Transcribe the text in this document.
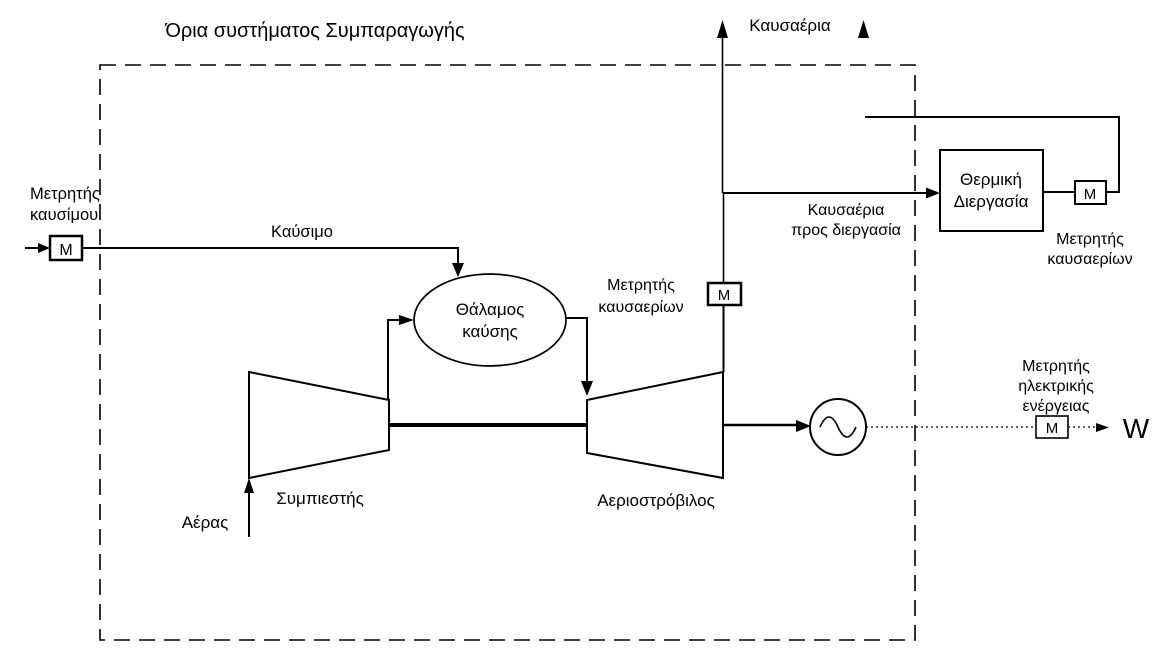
Όρια συστήματος Συμπαραγωγής
Μετρητής
καυσίμου
M
Καύσιμο
Συμπιεστής
Αέρας
Θάλαμος
καύσης
Αεριοστρόβιλος
M W
Μετρητής
ηλεκτρικής
ενέργειας
M
Μετρητής
καυσαερίων
Καυσαέρια
Καυσαέρια
προς διεργασία
Θερμική
Διεργασία	M
Μετρητής
καυσαερίων
